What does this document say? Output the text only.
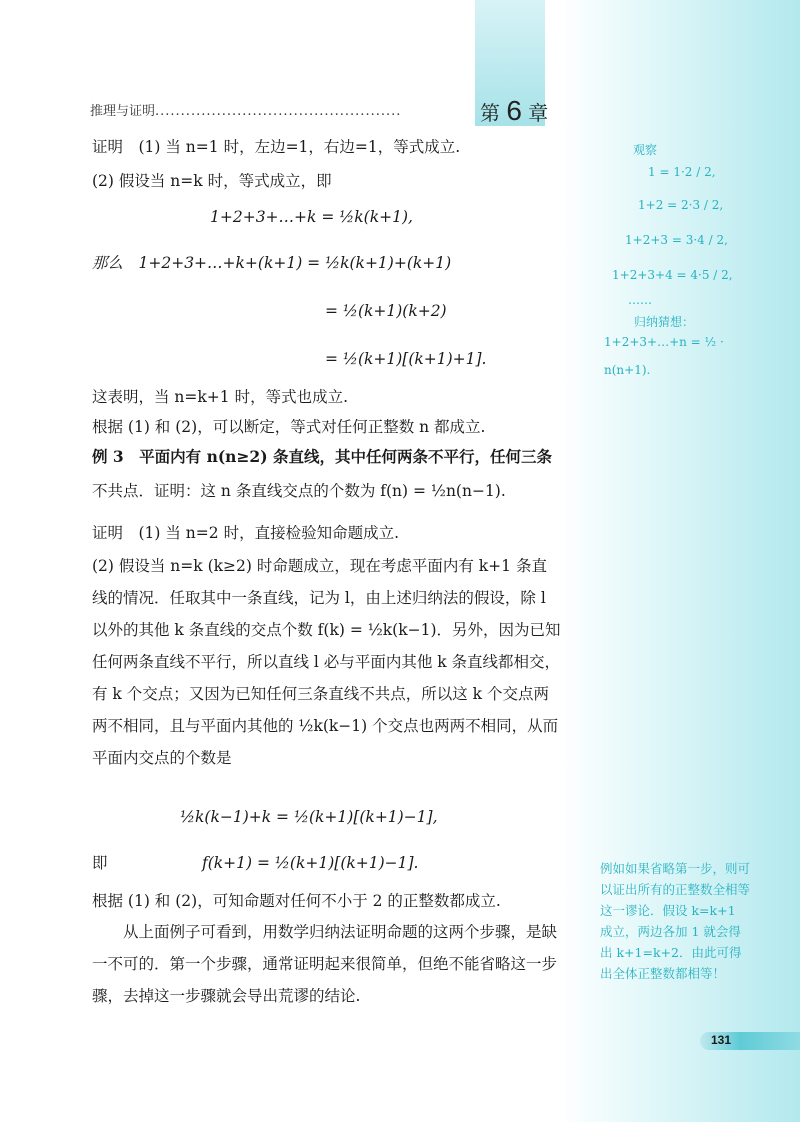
推理与证明................................................	第 6 章
证明　(1) 当 n=1 时，左边=1，右边=1，等式成立.
(2) 假设当 n=k 时，等式成立，即
1+2+3+…+k = ½k(k+1),
那么　1+2+3+…+k+(k+1) = ½k(k+1)+(k+1)
= ½(k+1)(k+2)
= ½(k+1)[(k+1)+1].
这表明，当 n=k+1 时，等式也成立.
根据 (1) 和 (2)，可以断定，等式对任何正整数 n 都成立.
例 3　平面内有 n(n≥2) 条直线，其中任何两条不平行，任何三条
不共点．证明：这 n 条直线交点的个数为 f(n) = ½n(n−1).
证明　(1) 当 n=2 时，直接检验知命题成立.
(2) 假设当 n=k (k≥2) 时命题成立，现在考虑平面内有 k+1 条直线的情况．任取其中一条直线，记为 l，由上述归纳法的假设，除 l 以外的其他 k 条直线的交点个数 f(k) = ½k(k−1)．另外，因为已知任何两条直线不平行，所以直线 l 必与平面内其他 k 条直线都相交，有 k 个交点；又因为已知任何三条直线不共点，所以这 k 个交点两两不相同，且与平面内其他的 ½k(k−1) 个交点也两两不相同，从而平面内交点的个数是
½k(k−1)+k = ½(k+1)[(k+1)−1],
即	f(k+1) = ½(k+1)[(k+1)−1].
根据 (1) 和 (2)，可知命题对任何不小于 2 的正整数都成立.
从上面例子可看到，用数学归纳法证明命题的这两个步骤，是缺一不可的．第一个步骤，通常证明起来很简单，但绝不能省略这一步骤，去掉这一步骤就会导出荒谬的结论.
观察
1 = 1·2 / 2,
1+2 = 2·3 / 2,
1+2+3 = 3·4 / 2,
1+2+3+4 = 4·5 / 2,
……
归纳猜想：
1+2+3+…+n = ½ ·
n(n+1).
例如如果省略第一步，则可以证出所有的正整数全相等这一谬论．假设 k=k+1 成立，两边各加 1 就会得出 k+1=k+2．由此可得出全体正整数都相等！
131
